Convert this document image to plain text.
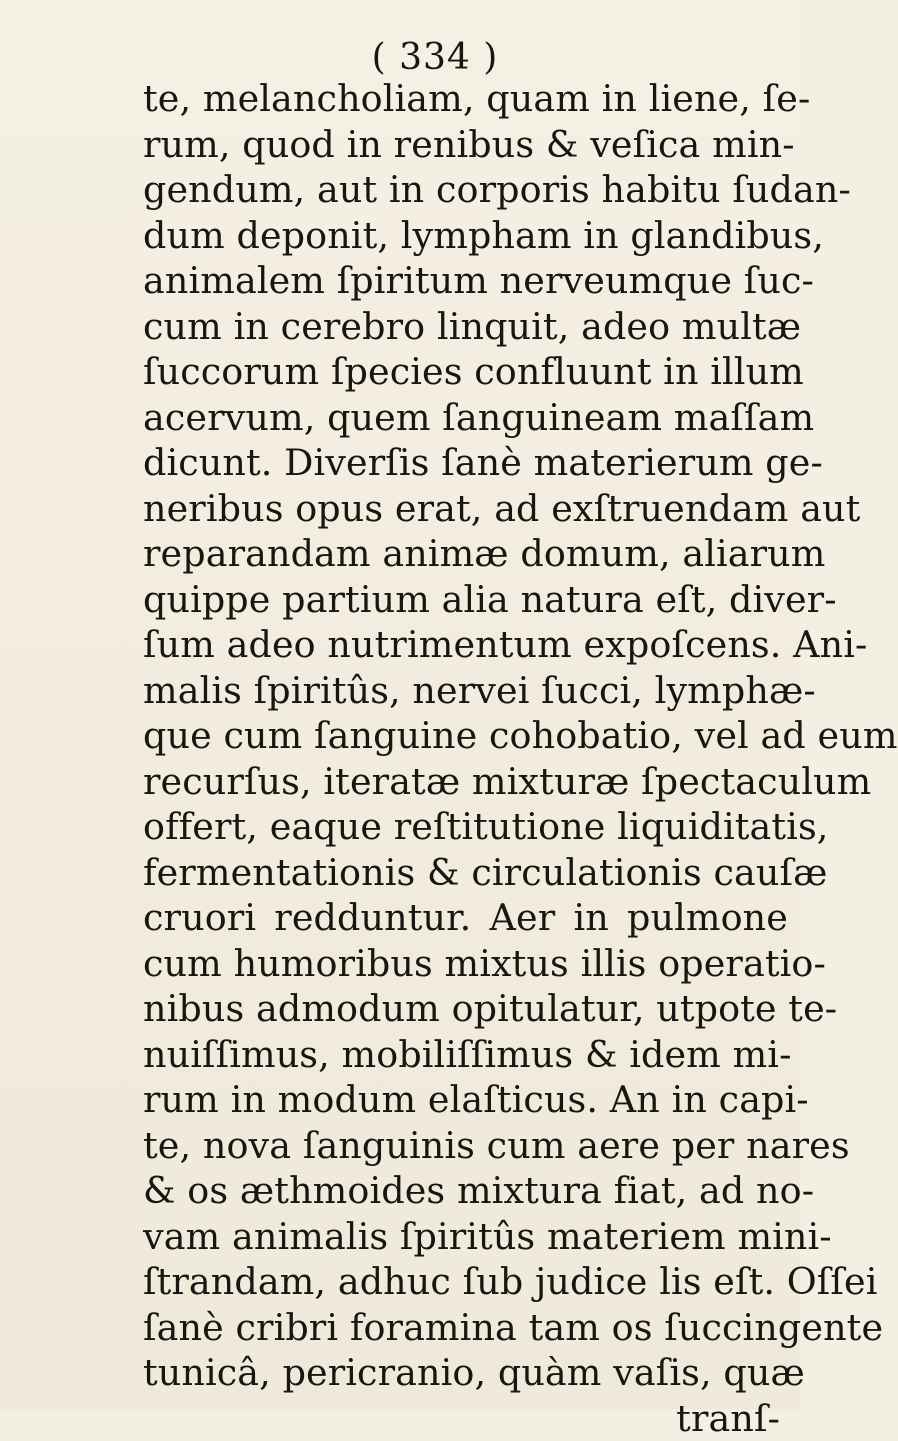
( 334 )
te, melancholiam, quam in liene, ſe-
rum, quod in renibus & veſica min-
gendum, aut in corporis habitu ſudan-
dum deponit, lympham in glandibus,
animalem ſpiritum nerveumque ſuc-
cum in cerebro linquit, adeo multæ
ſuccorum ſpecies confluunt in illum
acervum, quem ſanguineam maſſam
dicunt. Diverſis ſanè materierum ge-
neribus opus erat, ad exſtruendam aut
reparandam animæ domum, aliarum
quippe partium alia natura eſt, diver-
ſum adeo nutrimentum expoſcens. Ani-
malis ſpiritûs, nervei ſucci, lymphæ-
que cum ſanguine cohobatio, vel ad eum
recurſus, iteratæ mixturæ ſpectaculum
offert, eaque reſtitutione liquiditatis,
fermentationis & circulationis cauſæ
cruori redduntur. Aer in pulmone
cum humoribus mixtus illis operatio-
nibus admodum opitulatur, utpote te-
nuiſſimus, mobiliſſimus & idem mi-
rum in modum elaſticus. An in capi-
te, nova ſanguinis cum aere per nares
& os æthmoides mixtura fiat, ad no-
vam animalis ſpiritûs materiem mini-
ſtrandam, adhuc ſub judice lis eſt. Oſſei
ſanè cribri foramina tam os ſuccingente
tunicâ, pericranio, quàm vaſis, quæ
tranſ-
